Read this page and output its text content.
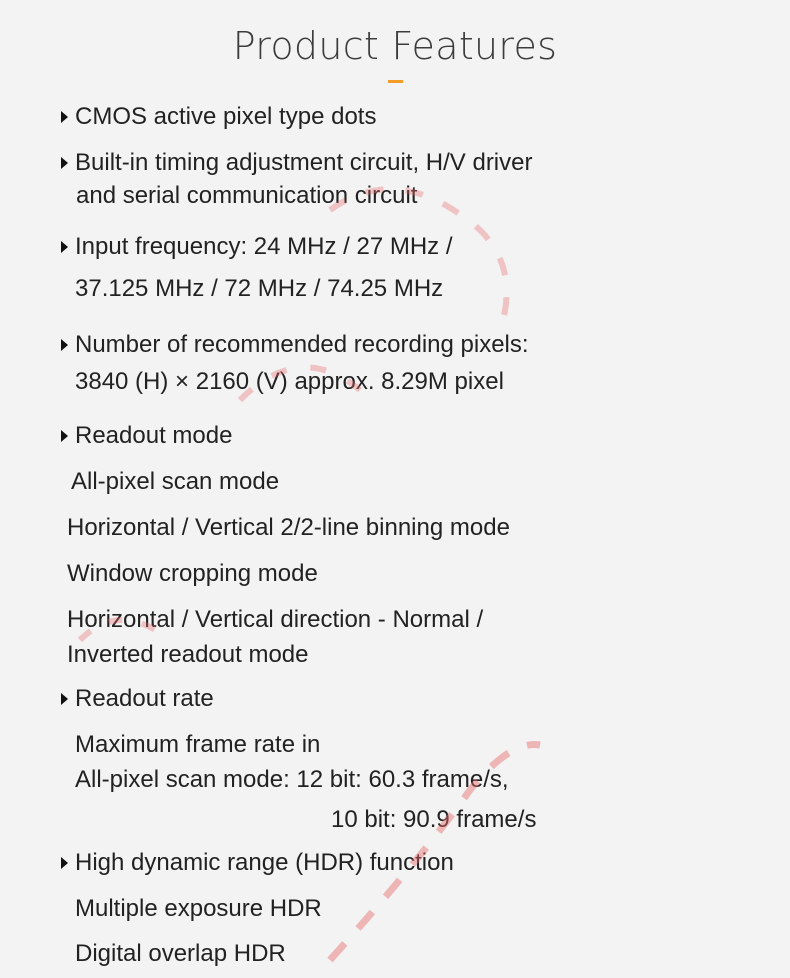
Product Features
CMOS active pixel type dots
Built-in timing adjustment circuit, H/V driver
and serial communication circuit
Input frequency: 24 MHz / 27 MHz /
37.125 MHz / 72 MHz / 74.25 MHz
Number of recommended recording pixels:
3840 (H) × 2160 (V) approx. 8.29M pixel
Readout mode
All-pixel scan mode
Horizontal / Vertical 2/2-line binning mode
Window cropping mode
Horizontal / Vertical direction - Normal /
Inverted readout mode
Readout rate
Maximum frame rate in
All-pixel scan mode: 12 bit: 60.3 frame/s,
10 bit: 90.9 frame/s
High dynamic range (HDR) function
Multiple exposure HDR
Digital overlap HDR
